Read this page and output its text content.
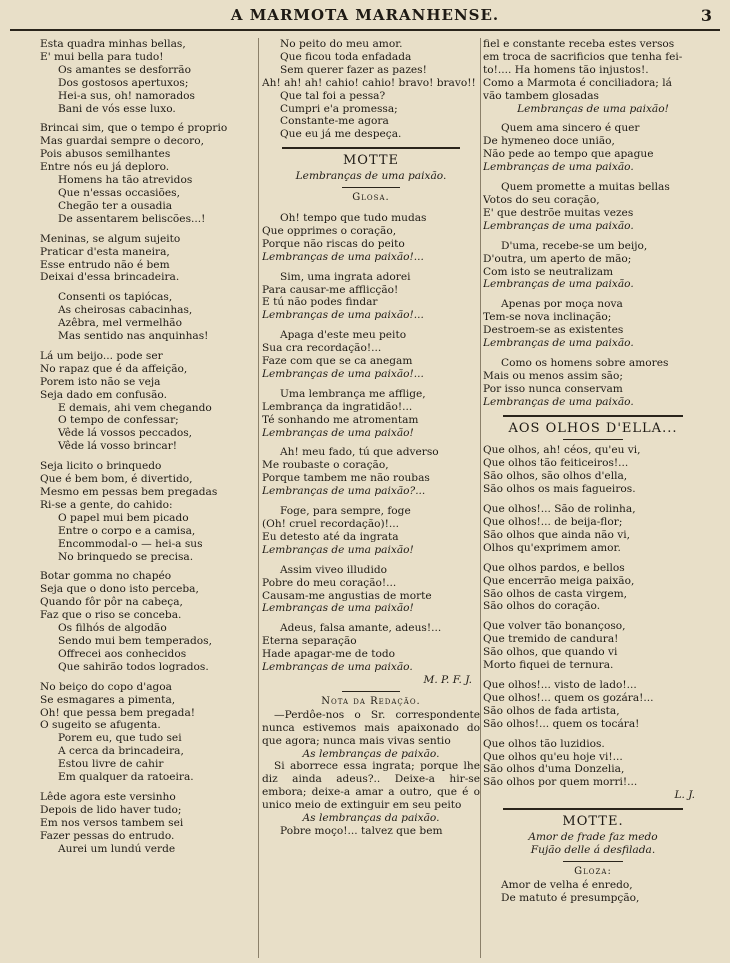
A MARMOTA MARANHENSE.	3
Esta quadra minhas bellas,
E' mui bella para tudo!
Os amantes se desforrão
Dos gostosos apertuxos;
Hei-a sus, oh! namorados
Bani de vós esse luxo.
Brincai sim, que o tempo é proprio
Mas guardai sempre o decoro,
Pois abusos semilhantes
Entre nós eu já deploro.
Homens ha tão atrevidos
Que n'essas occasiões,
Chegão ter a ousadia
De assentarem beliscões...!
Meninas, se algum sujeito
Praticar d'esta maneira,
Esse entrudo não é bem
Deixai d'essa brincadeira.
Consenti os tapiócas,
As cheirosas cabacinhas,
Azêbra, mel vermelhão
Mas sentido nas anquinhas!
Lá um beijo... pode ser
No rapaz que é da affeição,
Porem isto não se veja
Seja dado em confusão.
E demais, ahi vem chegando
O tempo de confessar;
Vêde lá vossos peccados,
Vêde lá vosso brincar!
Seja licito o brinquedo
Que é bem bom, é divertido,
Mesmo em pessas bem pregadas
Ri-se a gente, do cahido:
O papel mui bem picado
Entre o corpo e a camisa,
Encommodal-o — hei-a sus
No brinquedo se precisa.
Botar gomma no chapéo
Seja que o dono isto perceba,
Quando fôr pôr na cabeça,
Faz que o riso se conceba.
Os filhós de algodão
Sendo mui bem temperados,
Offrecei aos conhecidos
Que sahirão todos logrados.
No beiço do copo d'agoa
Se esmagares a pimenta,
Oh! que pessa bem pregada!
O sugeito se afugenta.
Porem eu, que tudo sei
A cerca da brincadeira,
Estou livre de cahir
Em qualquer da ratoeira.
Lêde agora este versinho
Depois de lido haver tudo;
Em nos versos tambem sei
Fazer pessas do entrudo.
Aurei um lundú verde
No peito do meu amor.
Que ficou toda enfadada
Sem querer fazer as pazes!
Ah! ah! ah! cahio! cahio! bravo! bravo!!
Que tal foi a pessa?
Cumpri e'a promessa;
Constante-me agora
Que eu já me despeça.
MOTTE
Lembranças de uma paixão.
Glosa.
Oh! tempo que tudo mudas
Que opprimes o coração,
Porque não riscas do peito
Lembranças de uma paixão!...
Sim, uma ingrata adorei
Para causar-me afflicção!
E tú não podes findar
Lembranças de uma paixão!...
Apaga d'este meu peito
Sua cra recordação!...
Faze com que se ca anegam
Lembranças de uma paixão!...
Uma lembrança me afflige,
Lembrança da ingratidão!...
Té sonhando me atromentam
Lembranças de uma paixão!
Ah! meu fado, tú que adverso
Me roubaste o coração,
Porque tambem me não roubas
Lembranças de uma paixão?...
Foge, para sempre, foge
(Oh! cruel recordação)!...
Eu detesto até da ingrata
Lembranças de uma paixão!
Assim viveo illudido
Pobre do meu coração!...
Causam-me angustias de morte
Lembranças de uma paixão!
Adeus, falsa amante, adeus!...
Eterna separação
Hade apagar-me de todo
Lembranças de uma paixão.
M. P. F. J.
Nota da Redação.
—Perdôe-nos o Sr. correspondente nunca estivemos mais apaixonado do que agora; nunca mais vivas sentio
As lembranças de paixão.
Si aborrece essa ingrata; porque lhe diz ainda adeus?.. Deixe-a hir-se embora; deixe-a amar a outro, que é o unico meio de extinguir em seu peito
As lembranças da paixão.
Pobre moço!... talvez que bem
fiel e constante receba estes versos
em troca de sacrificios que tenha fei-
to!.... Ha homens tão injustos!.
Como a Marmota é conciliadora; lá
vão tambem glosadas
Lembranças de uma paixão!
Quem ama sincero é quer
De hymeneo doce união,
Não pede ao tempo que apague
Lembranças de uma paixão.
Quem promette a muitas bellas
Votos do seu coração,
E' que destrõe muitas vezes
Lembranças de uma paixão.
D'uma, recebe-se um beijo,
D'outra, um aperto de mão;
Com isto se neutralizam
Lembranças de uma paixão.
Apenas por moça nova
Tem-se nova inclinação;
Destroem-se as existentes
Lembranças de uma paixão.
Como os homens sobre amores
Mais ou menos assim são;
Por isso nunca conservam
Lembranças de uma paixão.
AOS OLHOS D'ELLA...
Que olhos, ah! céos, qu'eu vi,
Que olhos tão feiticeiros!...
São olhos, são olhos d'ella,
São olhos os mais fagueiros.
Que olhos!... São de rolinha,
Que olhos!... de beija-flor;
São olhos que ainda não vi,
Olhos qu'exprimem amor.
Que olhos pardos, e bellos
Que encerrão meiga paixão,
São olhos de casta virgem,
São olhos do coração.
Que volver tão bonançoso,
Que tremido de candura!
São olhos, que quando vi
Morto fiquei de ternura.
Que olhos!... visto de lado!...
Que olhos!... quem os gozára!...
São olhos de fada artista,
São olhos!... quem os tocára!
Que olhos tão luzidios.
Que olhos qu'eu hoje vi!...
São olhos d'uma Donzelia,
São olhos por quem morri!...
L. J.
MOTTE.
Amor de frade faz medo
Fujão delle á desfilada.
Gloza:
Amor de velha é enredo,
De matuto é presumpção,
